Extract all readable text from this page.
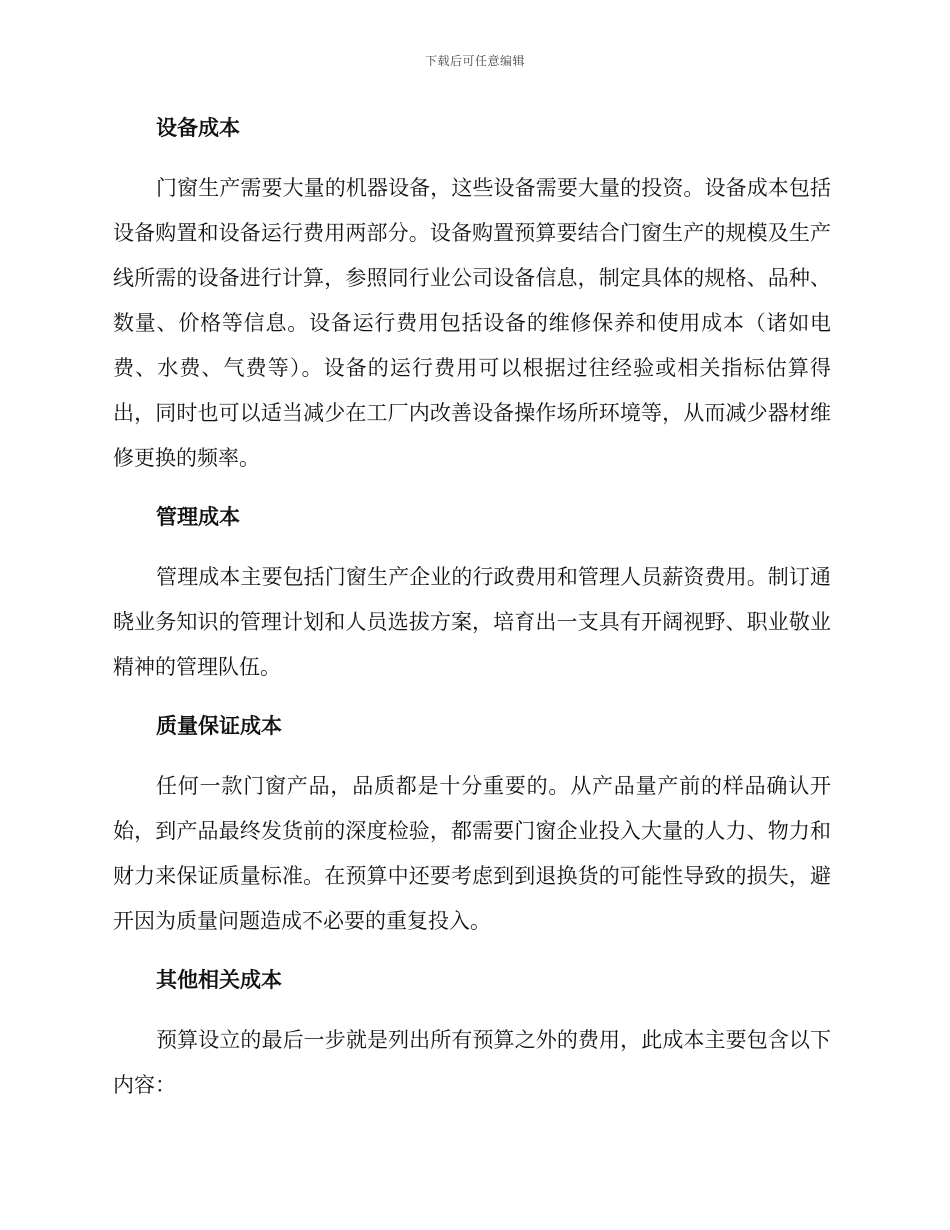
下载后可任意编辑
设备成本

门窗生产需要大量的机器设备，这些设备需要大量的投资。设备成本包括设备购置和设备运行费用两部分。设备购置预算要结合门窗生产的规模及生产线所需的设备进行计算，参照同行业公司设备信息，制定具体的规格、品种、数量、价格等信息。设备运行费用包括设备的维修保养和使用成本（诸如电费、水费、气费等）。设备的运行费用可以根据过往经验或相关指标估算得出，同时也可以适当减少在工厂内改善设备操作场所环境等，从而减少器材维修更换的频率。

管理成本

管理成本主要包括门窗生产企业的行政费用和管理人员薪资费用。制订通晓业务知识的管理计划和人员选拔方案，培育出一支具有开阔视野、职业敬业精神的管理队伍。

质量保证成本

任何一款门窗产品，品质都是十分重要的。从产品量产前的样品确认开始，到产品最终发货前的深度检验，都需要门窗企业投入大量的人力、物力和财力来保证质量标准。在预算中还要考虑到到退换货的可能性导致的损失，避开因为质量问题造成不必要的重复投入。

其他相关成本

预算设立的最后一步就是列出所有预算之外的费用，此成本主要包含以下内容：
